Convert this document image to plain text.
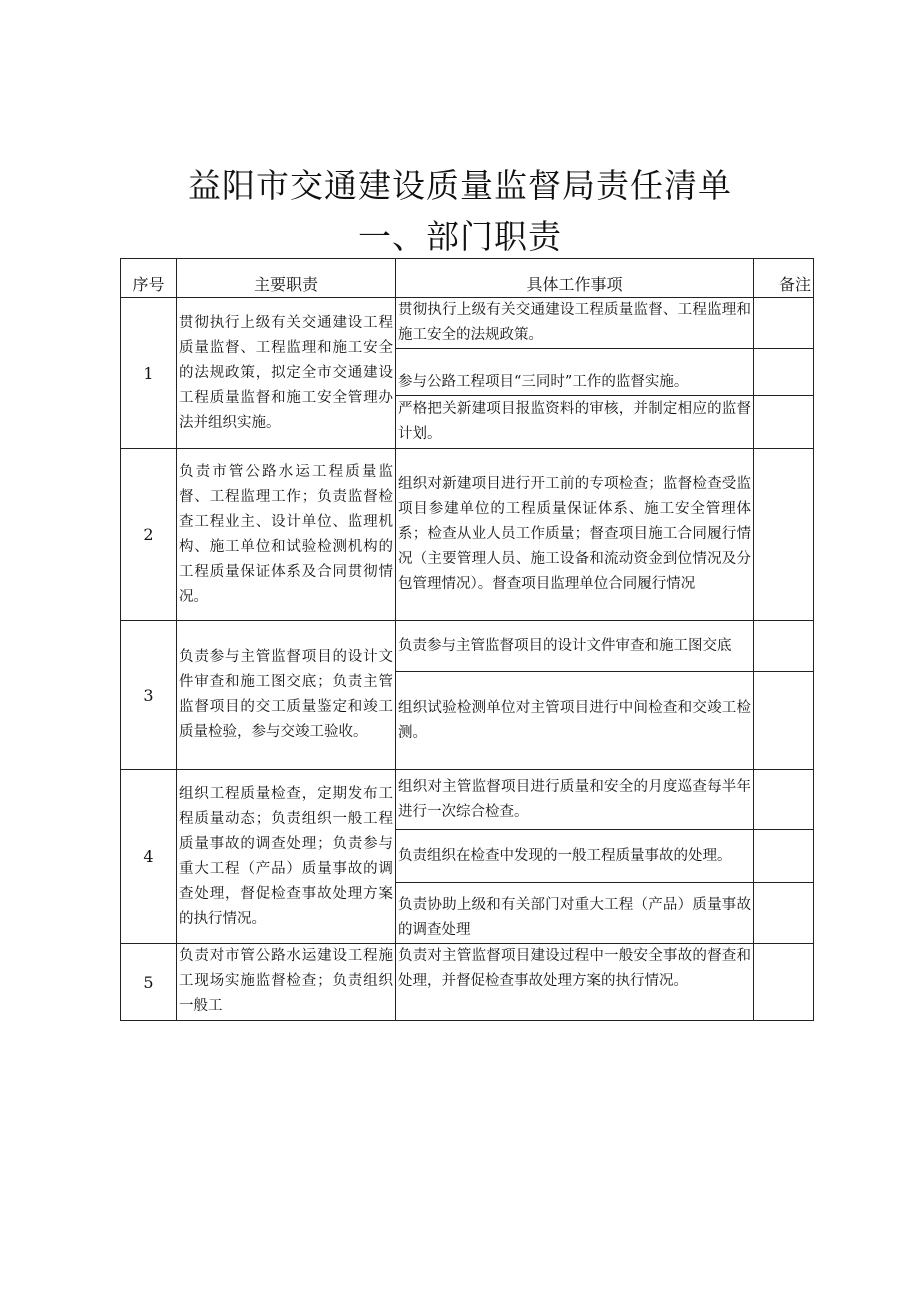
益阳市交通建设质量监督局责任清单
一、部门职责
序号	主要职责	具体工作事项	备注
1	贯彻执行上级有关交通建设工程质量监督、工程监理和施工安全的法规政策，拟定全市交通建设工程质量监督和施工安全管理办法并组织实施。	贯彻执行上级有关交通建设工程质量监督、工程监理和施工安全的法规政策。	
		参与公路工程项目“三同时”工作的监督实施。	
		严格把关新建项目报监资料的审核，并制定相应的监督计划。	
2	负责市管公路水运工程质量监督、工程监理工作；负责监督检查工程业主、设计单位、监理机构、施工单位和试验检测机构的工程质量保证体系及合同贯彻情况。	组织对新建项目进行开工前的专项检查；监督检查受监项目参建单位的工程质量保证体系、施工安全管理体系；检查从业人员工作质量；督查项目施工合同履行情况（主要管理人员、施工设备和流动资金到位情况及分包管理情况）。督查项目监理单位合同履行情况	
3	负责参与主管监督项目的设计文件审查和施工图交底；负责主管监督项目的交工质量鉴定和竣工质量检验，参与交竣工验收。	负责参与主管监督项目的设计文件审查和施工图交底	
		组织试验检测单位对主管项目进行中间检查和交竣工检测。	
4	组织工程质量检查，定期发布工程质量动态；负责组织一般工程质量事故的调查处理；负责参与重大工程（产品）质量事故的调查处理，督促检查事故处理方案的执行情况。	组织对主管监督项目进行质量和安全的月度巡查每半年进行一次综合检查。	
		负责组织在检查中发现的一般工程质量事故的处理。	
		负责协助上级和有关部门对重大工程（产品）质量事故的调查处理	
5	负责对市管公路水运建设工程施工现场实施监督检查；负责组织一般工	负责对主管监督项目建设过程中一般安全事故的督查和处理，并督促检查事故处理方案的执行情况。	
